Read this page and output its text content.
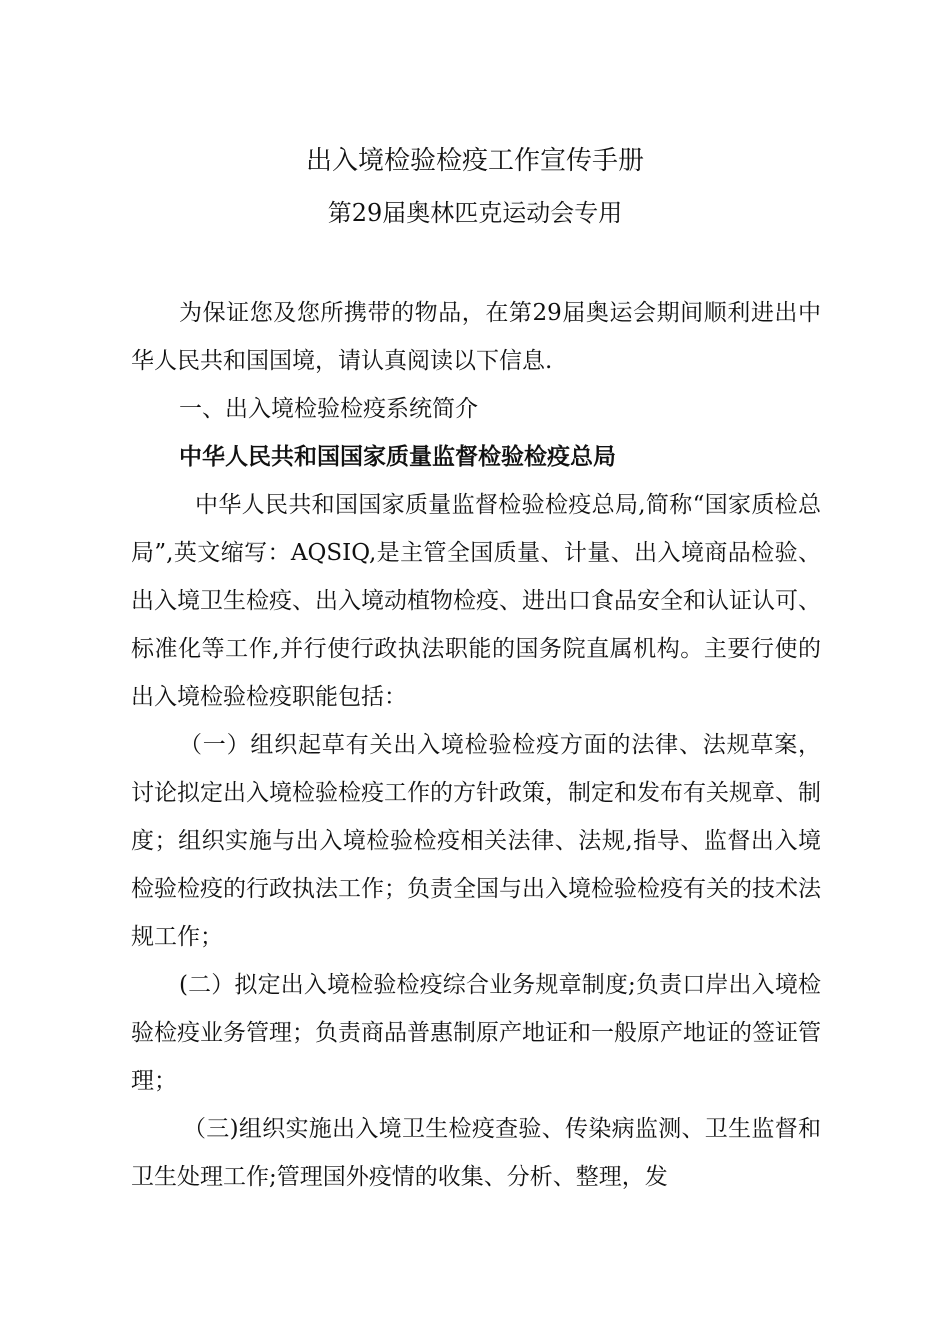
出入境检验检疫工作宣传手册
第29届奥林匹克运动会专用

为保证您及您所携带的物品，在第29届奥运会期间顺利进出中华人民共和国国境，请认真阅读以下信息.

一、出入境检验检疫系统简介

中华人民共和国国家质量监督检验检疫总局

中华人民共和国国家质量监督检验检疫总局,简称“国家质检总局”,英文缩写：AQSIQ,是主管全国质量、计量、出入境商品检验、出入境卫生检疫、出入境动植物检疫、进出口食品安全和认证认可、标准化等工作,并行使行政执法职能的国务院直属机构。主要行使的出入境检验检疫职能包括：

（一）组织起草有关出入境检验检疫方面的法律、法规草案，讨论拟定出入境检验检疫工作的方针政策，制定和发布有关规章、制度；组织实施与出入境检验检疫相关法律、法规,指导、监督出入境检验检疫的行政执法工作；负责全国与出入境检验检疫有关的技术法规工作；

(二）拟定出入境检验检疫综合业务规章制度;负责口岸出入境检验检疫业务管理；负责商品普惠制原产地证和一般原产地证的签证管理；

（三)组织实施出入境卫生检疫查验、传染病监测、卫生监督和卫生处理工作;管理国外疫情的收集、分析、整理，发
